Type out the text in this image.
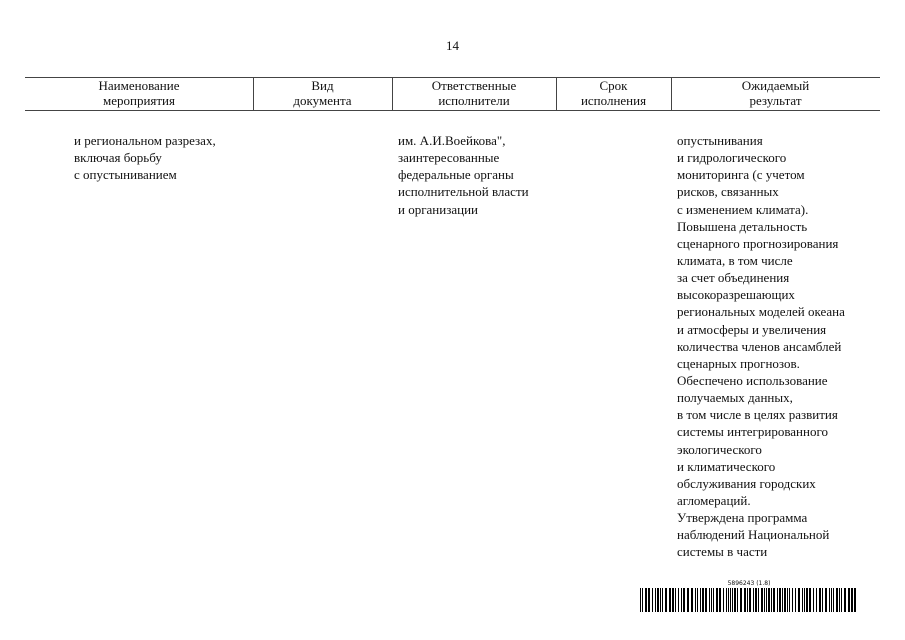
14
Наименование
мероприятия
Вид
документа
Ответственные
исполнители
Срок
исполнения
Ожидаемый
результат
и региональном разрезах,
включая борьбу
с опустыниванием
им. А.И.Воейкова",
заинтересованные
федеральные органы
исполнительной власти
и организации
опустынивания
и гидрологического
мониторинга (с учетом
рисков, связанных
с изменением климата).
Повышена детальность
сценарного прогнозирования
климата, в том числе
за счет объединения
высокоразрешающих
региональных моделей океана
и атмосферы и увеличения
количества членов ансамблей
сценарных прогнозов.
Обеспечено использование
получаемых данных,
в том числе в целях развития
системы интегрированного
экологического
и климатического
обслуживания городских
агломераций.
Утверждена программа
наблюдений Национальной
системы в части
5896243 (1.8)
